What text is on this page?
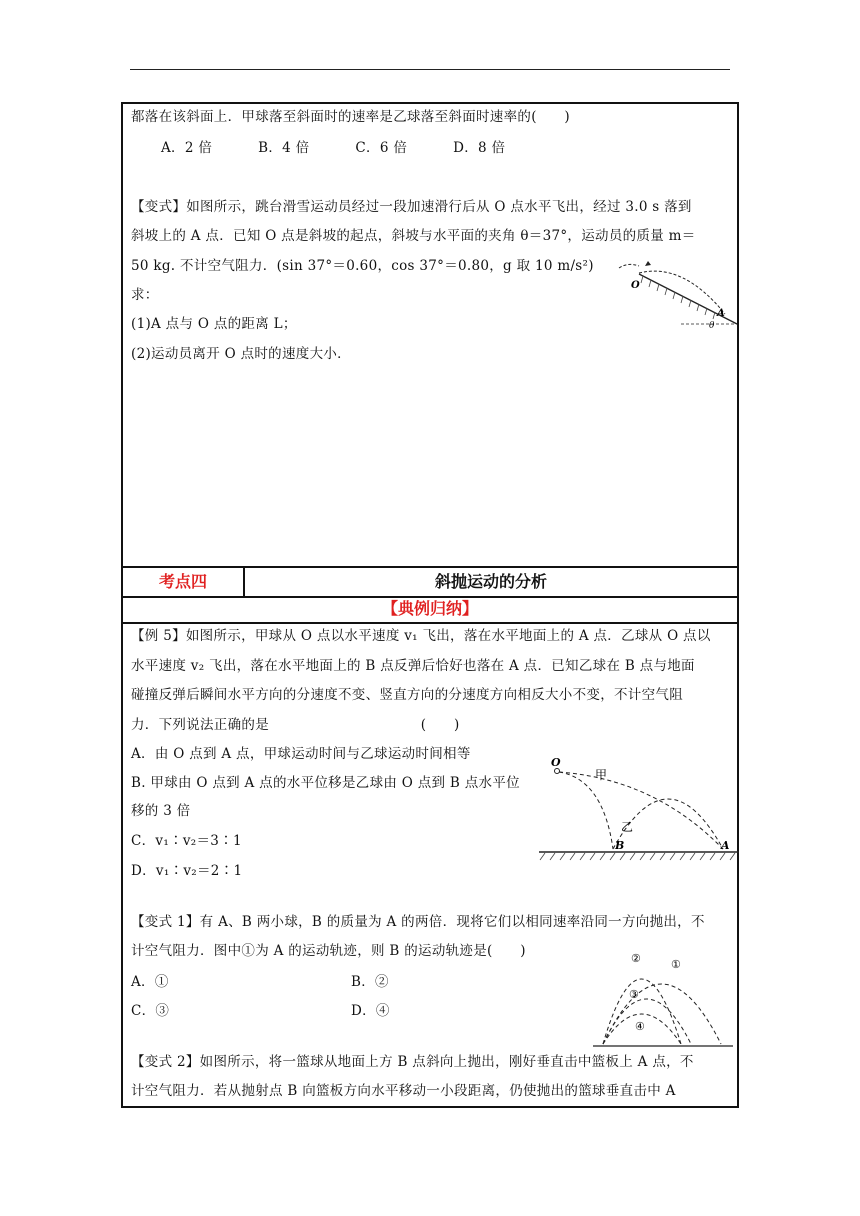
都落在该斜面上．甲球落至斜面时的速率是乙球落至斜面时速率的(　　)
A．2 倍　　　 B．4 倍　　　 C．6 倍　　　 D．8 倍
【变式】如图所示，跳台滑雪运动员经过一段加速滑行后从 O 点水平飞出，经过 3.0 s 落到
斜坡上的 A 点．已知 O 点是斜坡的起点，斜坡与水平面的夹角 θ＝37°，运动员的质量 m＝
50 kg. 不计空气阻力．(sin 37°＝0.60，cos 37°＝0.80，g 取 10 m/s²)
求：
(1)A 点与 O 点的距离 L；
(2)运动员离开 O 点时的速度大小．
O
A
θ
考点四	斜抛运动的分析
【典例归纳】
【例 5】如图所示，甲球从 O 点以水平速度 v₁ 飞出，落在水平地面上的 A 点．乙球从 O 点以
水平速度 v₂ 飞出，落在水平地面上的 B 点反弹后恰好也落在 A 点．已知乙球在 B 点与地面
碰撞反弹后瞬间水平方向的分速度不变、竖直方向的分速度方向相反大小不变，不计空气阻
力．下列说法正确的是　　　　　　　　　　　(　　)
A．由 O 点到 A 点，甲球运动时间与乙球运动时间相等
B. 甲球由 O 点到 A 点的水平位移是乙球由 O 点到 B 点水平位
移的 3 倍
C．v₁∶v₂＝3∶1
D．v₁∶v₂＝2∶1
O
甲
乙
B	A
【变式 1】有 A、B 两小球，B 的质量为 A 的两倍．现将它们以相同速率沿同一方向抛出，不
计空气阻力．图中①为 A 的运动轨迹，则 B 的运动轨迹是(　　)
A．①	B．②
C．③	D．④
②	①
③
④
【变式 2】如图所示，将一篮球从地面上方 B 点斜向上抛出，刚好垂直击中篮板上 A 点，不
计空气阻力．若从抛射点 B 向篮板方向水平移动一小段距离，仍使抛出的篮球垂直击中 A
